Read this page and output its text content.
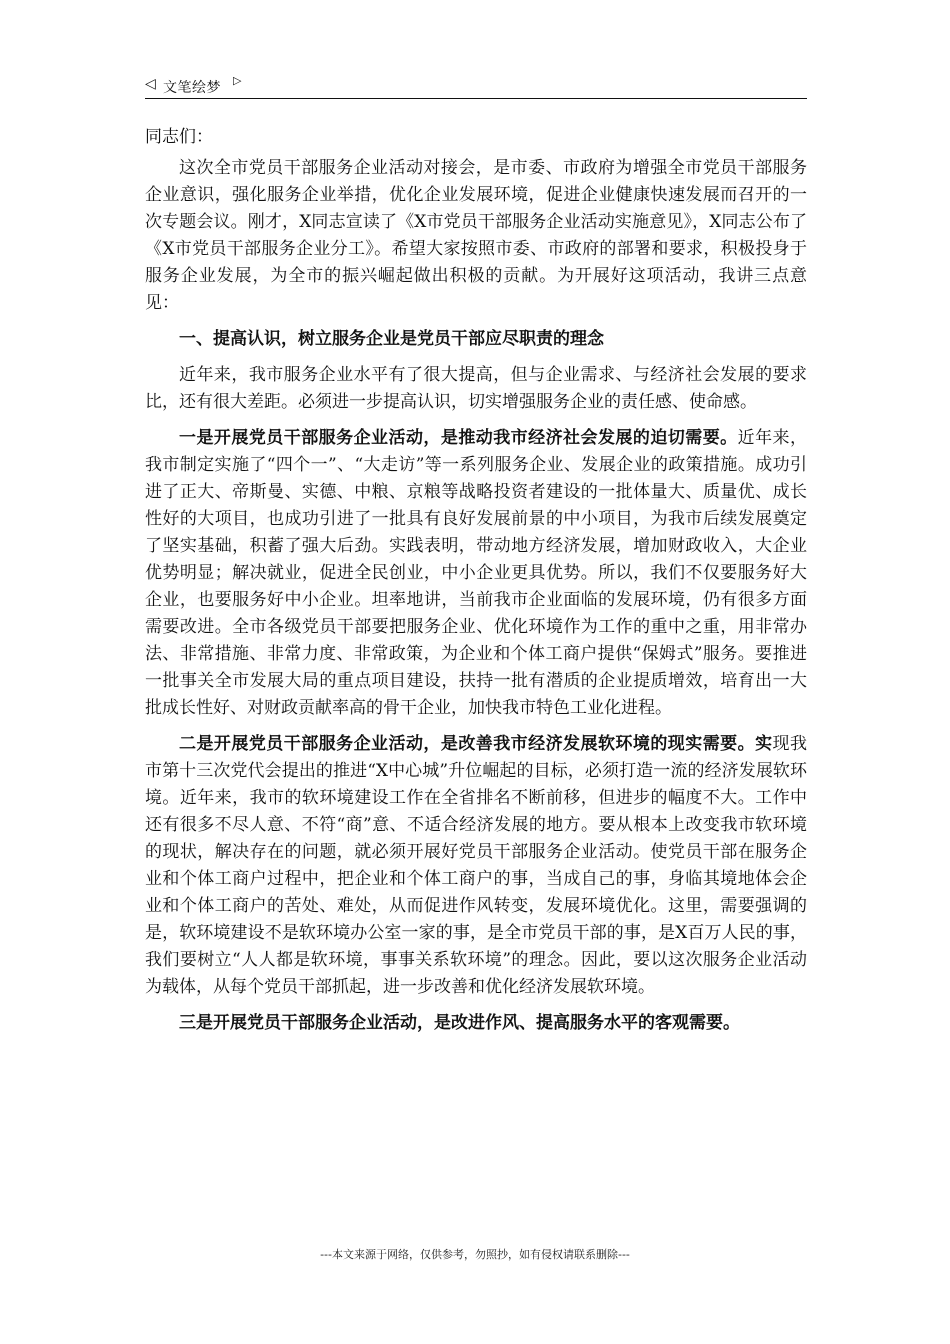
◁ 文笔绘梦 ▷

同志们：

这次全市党员干部服务企业活动对接会，是市委、市政府为增强全市党员干部服务企业意识，强化服务企业举措，优化企业发展环境，促进企业健康快速发展而召开的一次专题会议。刚才，X同志宣读了《X市党员干部服务企业活动实施意见》，X同志公布了《X市党员干部服务企业分工》。希望大家按照市委、市政府的部署和要求，积极投身于服务企业发展，为全市的振兴崛起做出积极的贡献。为开展好这项活动，我讲三点意见：

一、提高认识，树立服务企业是党员干部应尽职责的理念

近年来，我市服务企业水平有了很大提高，但与企业需求、与经济社会发展的要求比，还有很大差距。必须进一步提高认识，切实增强服务企业的责任感、使命感。

一是开展党员干部服务企业活动，是推动我市经济社会发展的迫切需要。近年来，我市制定实施了“四个一”、“大走访”等一系列服务企业、发展企业的政策措施。成功引进了正大、帝斯曼、实德、中粮、京粮等战略投资者建设的一批体量大、质量优、成长性好的大项目，也成功引进了一批具有良好发展前景的中小项目，为我市后续发展奠定了坚实基础，积蓄了强大后劲。实践表明，带动地方经济发展，增加财政收入，大企业优势明显；解决就业，促进全民创业，中小企业更具优势。所以，我们不仅要服务好大企业，也要服务好中小企业。坦率地讲，当前我市企业面临的发展环境，仍有很多方面需要改进。全市各级党员干部要把服务企业、优化环境作为工作的重中之重，用非常办法、非常措施、非常力度、非常政策，为企业和个体工商户提供“保姆式”服务。要推进一批事关全市发展大局的重点项目建设，扶持一批有潜质的企业提质增效，培育出一大批成长性好、对财政贡献率高的骨干企业，加快我市特色工业化进程。

二是开展党员干部服务企业活动，是改善我市经济发展软环境的现实需要。实现我市第十三次党代会提出的推进“X中心城”升位崛起的目标，必须打造一流的经济发展软环境。近年来，我市的软环境建设工作在全省排名不断前移，但进步的幅度不大。工作中还有很多不尽人意、不符“商”意、不适合经济发展的地方。要从根本上改变我市软环境的现状，解决存在的问题，就必须开展好党员干部服务企业活动。使党员干部在服务企业和个体工商户过程中，把企业和个体工商户的事，当成自己的事，身临其境地体会企业和个体工商户的苦处、难处，从而促进作风转变，发展环境优化。这里，需要强调的是，软环境建设不是软环境办公室一家的事，是全市党员干部的事，是X百万人民的事，我们要树立“人人都是软环境，事事关系软环境”的理念。因此，要以这次服务企业活动为载体，从每个党员干部抓起，进一步改善和优化经济发展软环境。

三是开展党员干部服务企业活动，是改进作风、提高服务水平的客观需要。

---本文来源于网络，仅供参考，勿照抄，如有侵权请联系删除---
